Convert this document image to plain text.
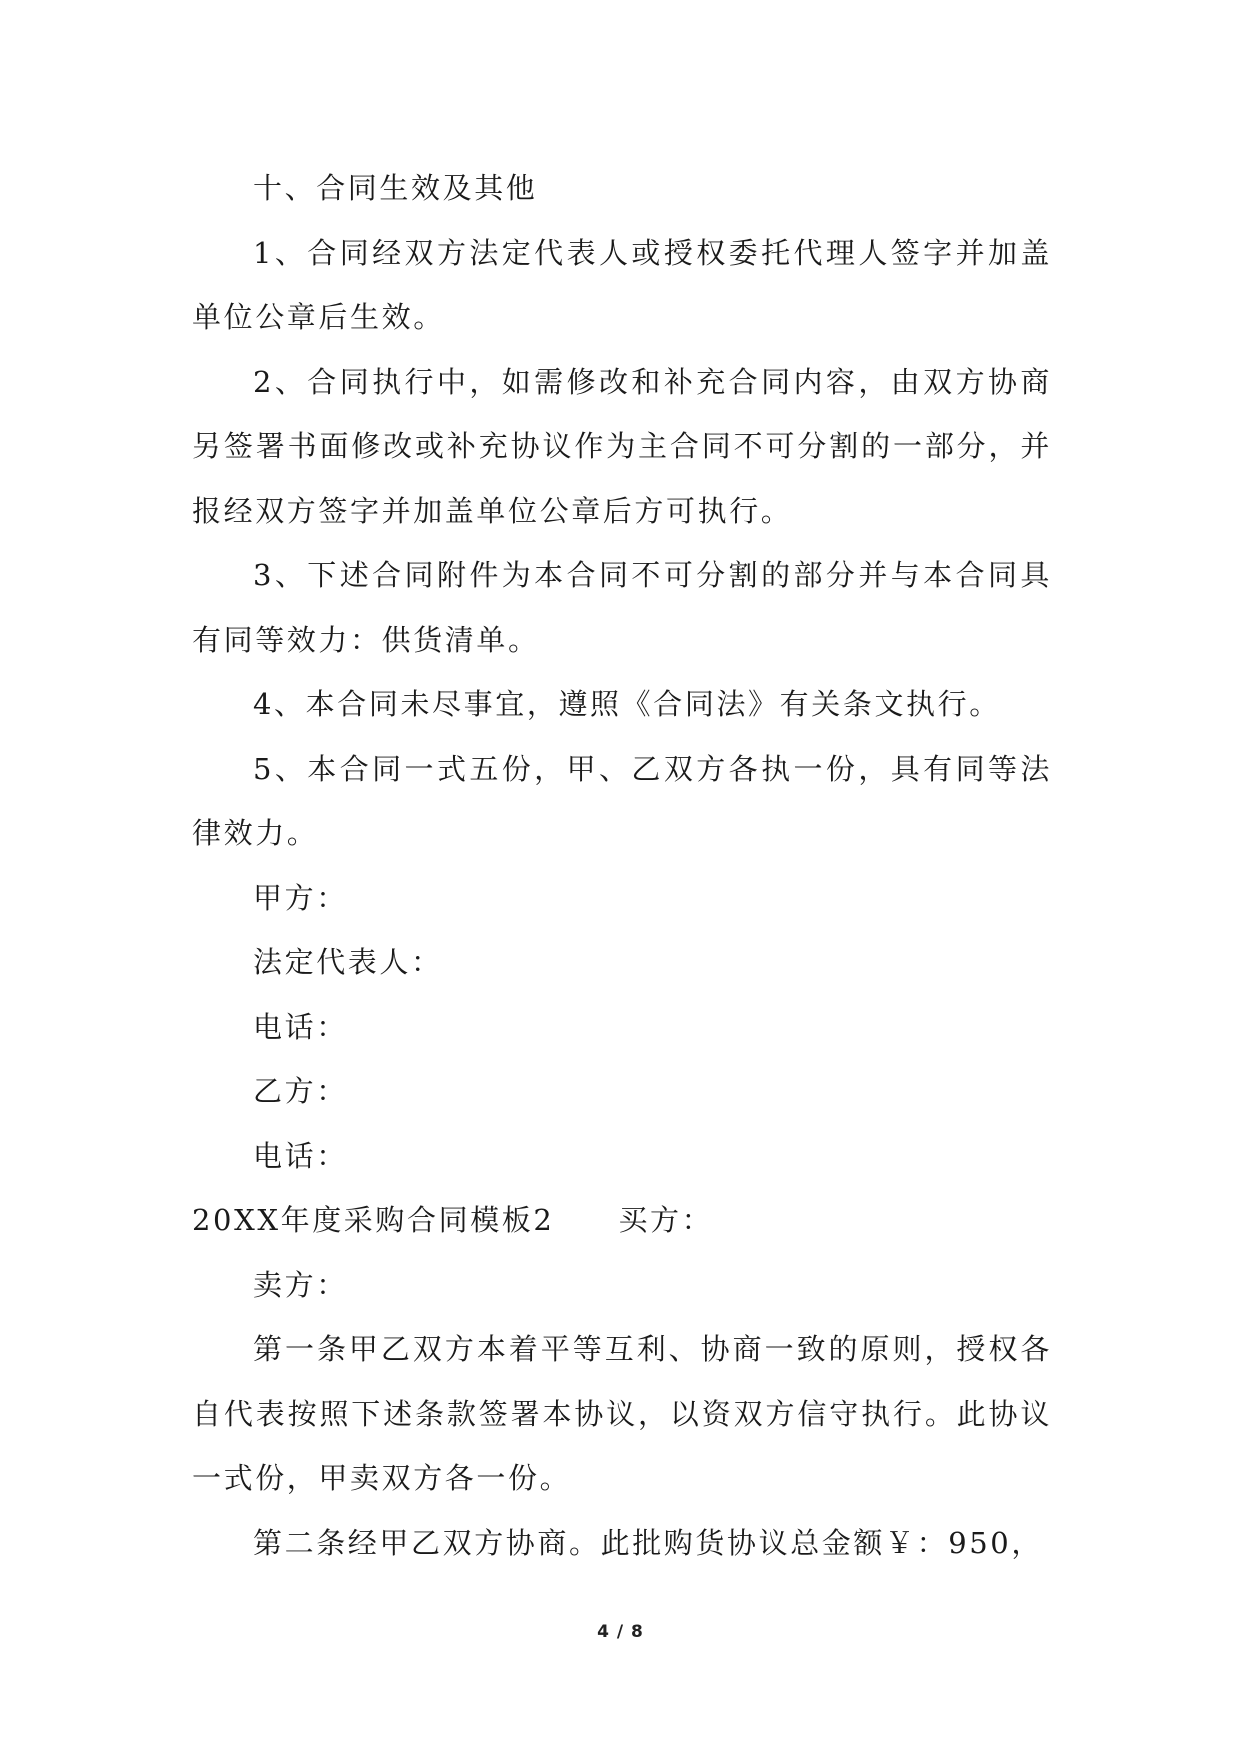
十、合同生效及其他

1、合同经双方法定代表人或授权委托代理人签字并加盖单位公章后生效。

2、合同执行中，如需修改和补充合同内容，由双方协商另签署书面修改或补充协议作为主合同不可分割的一部分，并报经双方签字并加盖单位公章后方可执行。

3、下述合同附件为本合同不可分割的部分并与本合同具有同等效力：供货清单。

4、本合同未尽事宜，遵照《合同法》有关条文执行。

5、本合同一式五份，甲、乙双方各执一份，具有同等法律效力。

甲方：

法定代表人：

电话：

乙方：

电话：

20XX年度采购合同模板2 买方：

卖方：

第一条甲乙双方本着平等互利、协商一致的原则，授权各自代表按照下述条款签署本协议，以资双方信守执行。此协议一式份，甲卖双方各一份。

第二条经甲乙双方协商。此批购货协议总金额￥：950，

4 / 8
